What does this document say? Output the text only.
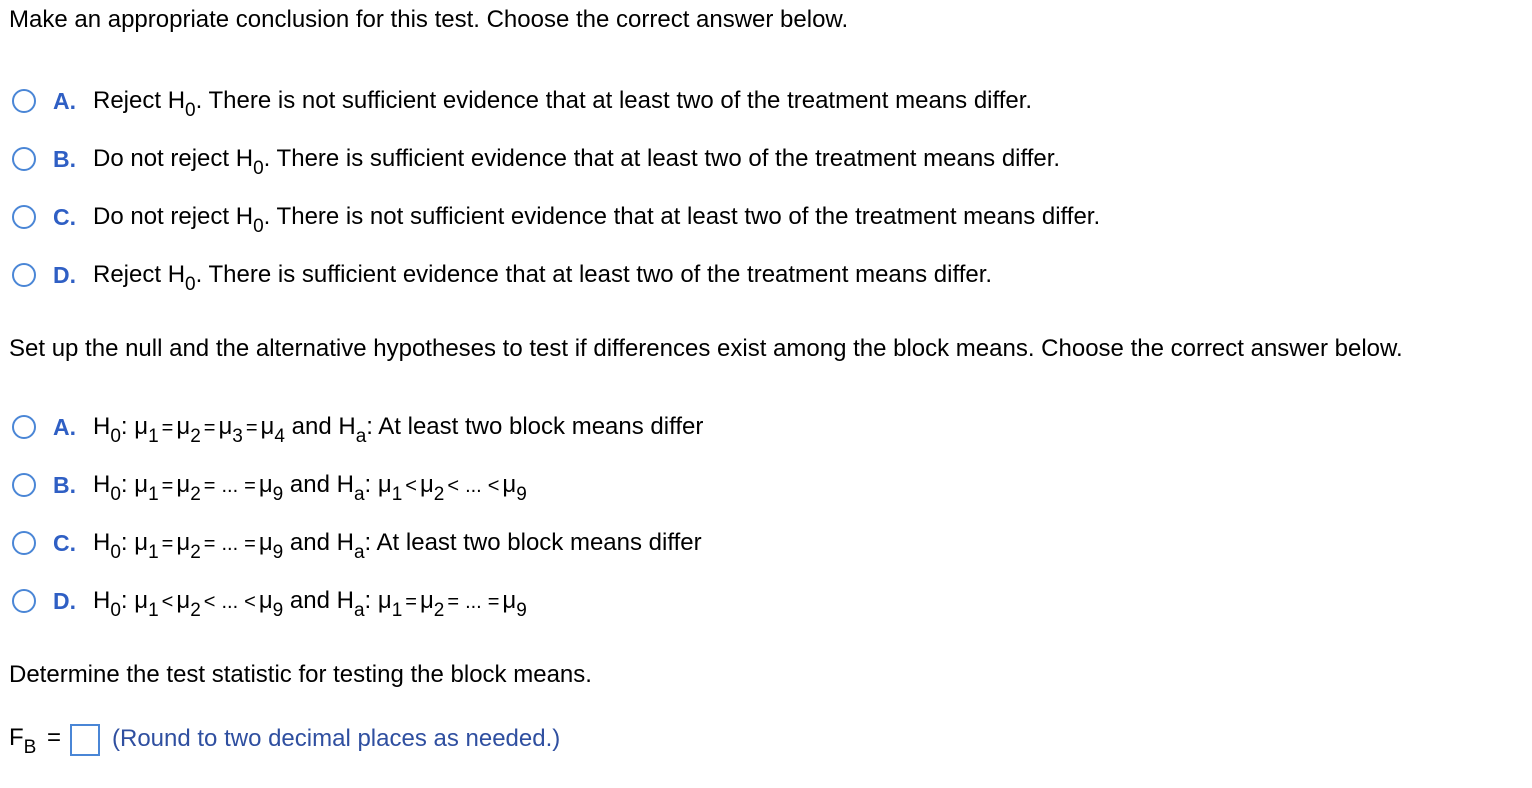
Make an appropriate conclusion for this test. Choose the correct answer below.
A. Reject $H_0$. There is not sufficient evidence that at least two of the treatment means differ.
B. Do not reject $H_0$. There is sufficient evidence that at least two of the treatment means differ.
C. Do not reject $H_0$. There is not sufficient evidence that at least two of the treatment means differ.
D. Reject $H_0$. There is sufficient evidence that at least two of the treatment means differ.
Set up the null and the alternative hypotheses to test if differences exist among the block means. Choose the correct answer below.
A. $H_0$: $\mu_1 = \mu_2 = \mu_3 = \mu_4$ and $H_a$: At least two block means differ
B. $H_0$: $\mu_1 = \mu_2$ = ... = $\mu_9$ and $H_a$: $\mu_1 < \mu_2$ < ... < $\mu_9$
C. $H_0$: $\mu_1 = \mu_2$ = ... = $\mu_9$ and $H_a$: At least two block means differ
D. $H_0$: $\mu_1 < \mu_2$ < ... < $\mu_9$ and $H_a$: $\mu_1 = \mu_2$ = ... = $\mu_9$
Determine the test statistic for testing the block means.
$F_B$ = (Round to two decimal places as needed.)
